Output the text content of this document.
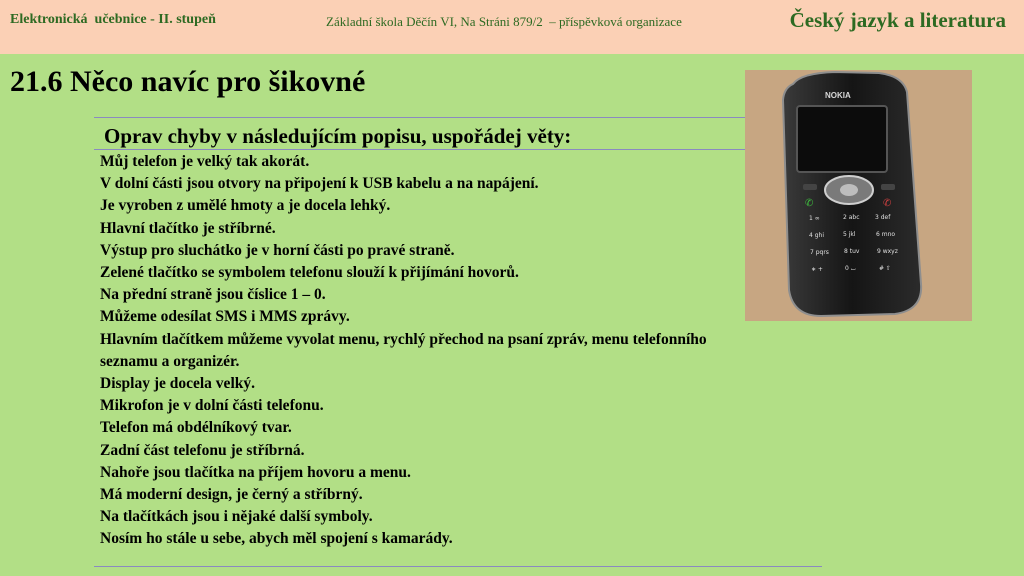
Elektronická  učebnice - II. stupeň	Základní škola Děčín VI, Na Stráni 879/2  – příspěvková organizace	Český jazyk a literatura
21.6 Něco navíc pro šikovné
Oprav chyby v následujícím popisu, uspořádej věty:
Můj telefon je velký tak akorát.
V dolní části jsou otvory na připojení k USB kabelu a na napájení.
Je vyroben z umělé hmoty a je docela lehký.
Hlavní tlačítko je stříbrné.
Výstup pro sluchátko je v horní části po pravé straně.
Zelené tlačítko se symbolem telefonu slouží k přijímání hovorů.
Na přední straně jsou číslice 1 – 0.
Můžeme odesílat SMS i MMS zprávy.
Hlavním tlačítkem můžeme vyvolat menu, rychlý přechod na psaní zpráv, menu telefonního seznamu a organizér.
Display je docela velký.
Mikrofon je v dolní části telefonu.
Telefon má obdélníkový tvar.
Zadní část telefonu je stříbrná.
Nahoře jsou tlačítka na příjem hovoru a menu.
Má moderní design, je černý a stříbrný.
Na tlačítkách jsou i nějaké další symboly.
Nosím ho stále u sebe, abych měl spojení s kamarády.
NOKIA
✆	✆
1 ∞	2 abc	3 def
4 ghi	5 jkl	6 mno
7 pqrs	8 tuv	9 wxyz
∗ +	0 ⌴	# ⇧
